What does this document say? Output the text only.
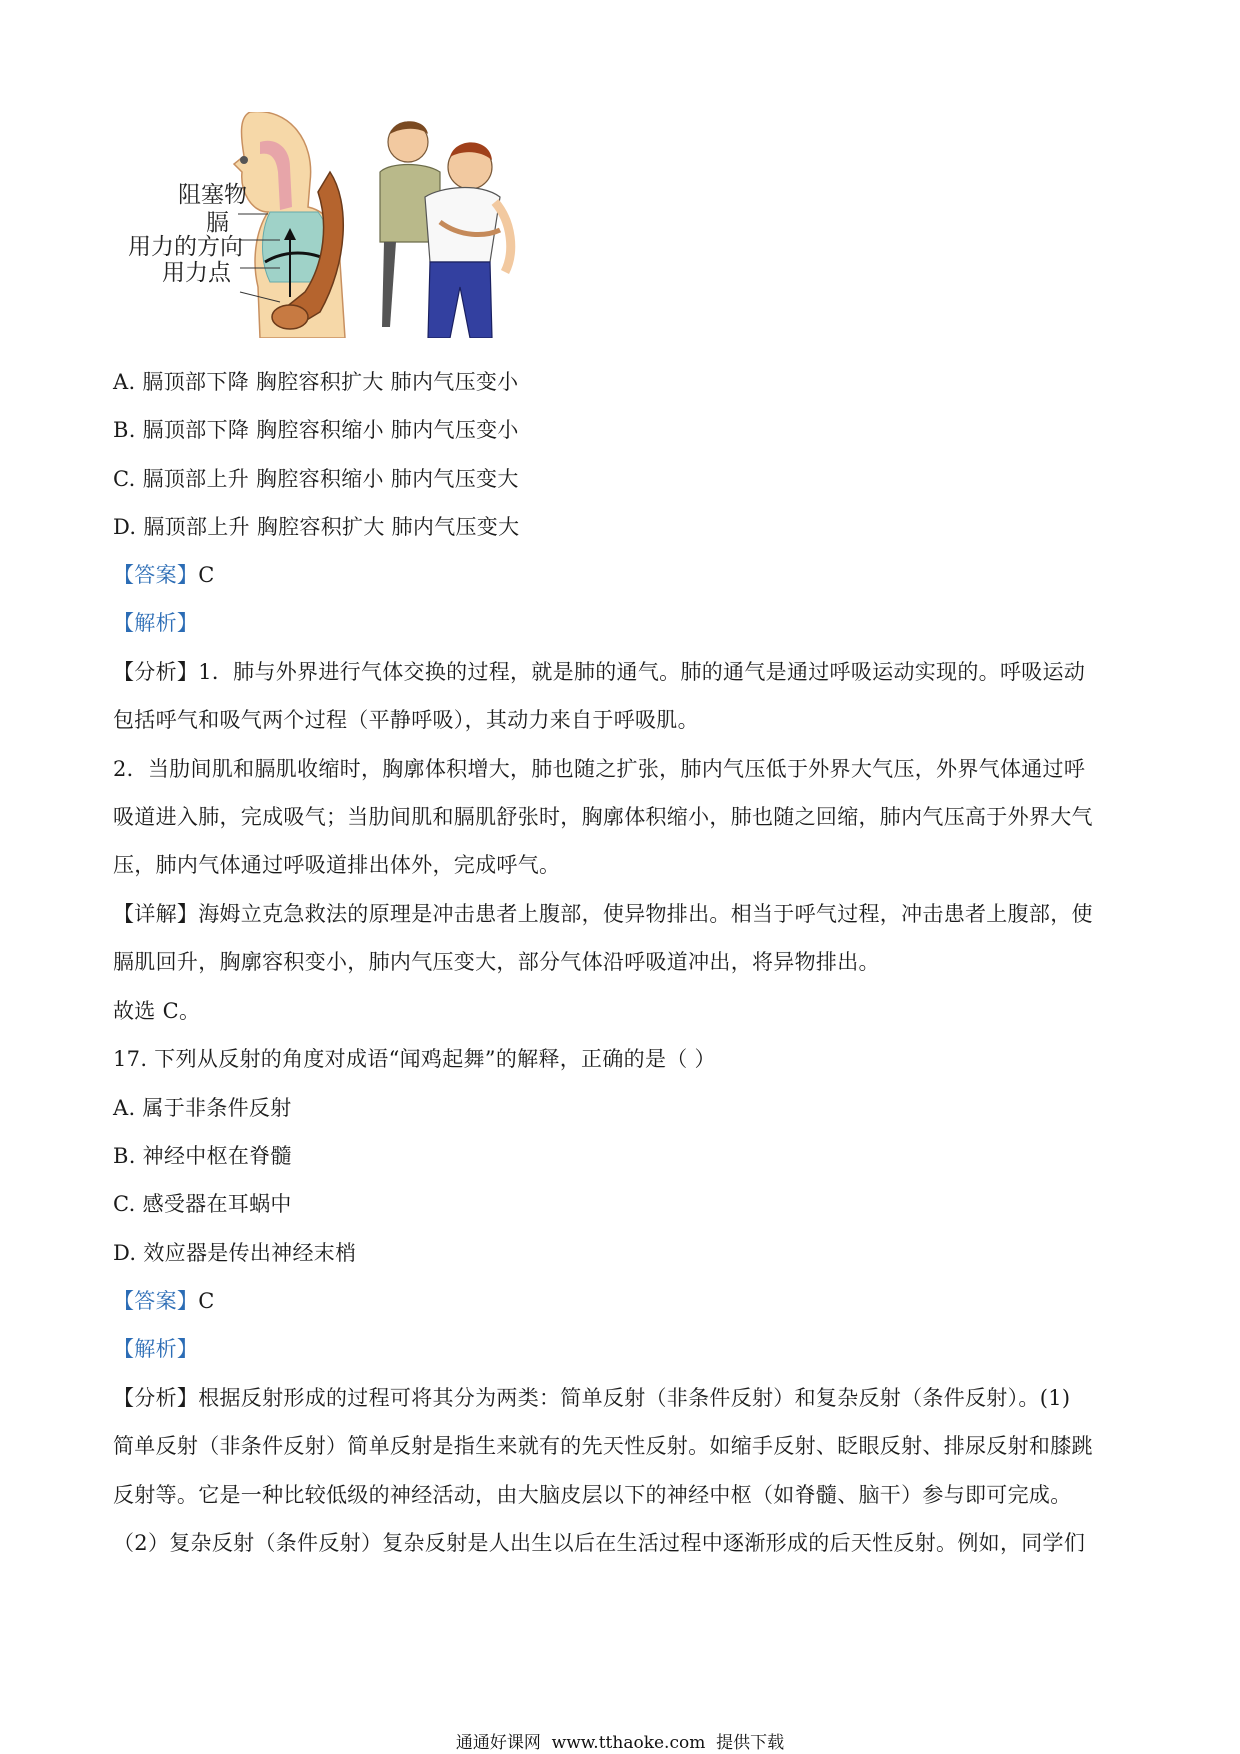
阻塞物
膈
用力的方向
用力点
A. 膈顶部下降 胸腔容积扩大 肺内气压变小
B. 膈顶部下降 胸腔容积缩小 肺内气压变小
C. 膈顶部上升 胸腔容积缩小 肺内气压变大
D. 膈顶部上升 胸腔容积扩大 肺内气压变大
【答案】C
【解析】
【分析】1．肺与外界进行气体交换的过程，就是肺的通气。肺的通气是通过呼吸运动实现的。呼吸运动
包括呼气和吸气两个过程（平静呼吸），其动力来自于呼吸肌。
2．当肋间肌和膈肌收缩时，胸廓体积增大，肺也随之扩张，肺内气压低于外界大气压，外界气体通过呼
吸道进入肺，完成吸气；当肋间肌和膈肌舒张时，胸廓体积缩小，肺也随之回缩，肺内气压高于外界大气
压，肺内气体通过呼吸道排出体外，完成呼气。
【详解】海姆立克急救法的原理是冲击患者上腹部，使异物排出。相当于呼气过程，冲击患者上腹部，使
膈肌回升，胸廓容积变小，肺内气压变大，部分气体沿呼吸道冲出，将异物排出。
故选 C。
17. 下列从反射的角度对成语“闻鸡起舞”的解释，正确的是（ ）
A. 属于非条件反射
B. 神经中枢在脊髓
C. 感受器在耳蜗中
D. 效应器是传出神经末梢
【答案】C
【解析】
【分析】根据反射形成的过程可将其分为两类：简单反射（非条件反射）和复杂反射（条件反射）。(1)
简单反射（非条件反射）简单反射是指生来就有的先天性反射。如缩手反射、眨眼反射、排尿反射和膝跳
反射等。它是一种比较低级的神经活动，由大脑皮层以下的神经中枢（如脊髓、脑干）参与即可完成。
（2）复杂反射（条件反射）复杂反射是人出生以后在生活过程中逐渐形成的后天性反射。例如，同学们
通通好课网  www.tthaoke.com  提供下载
